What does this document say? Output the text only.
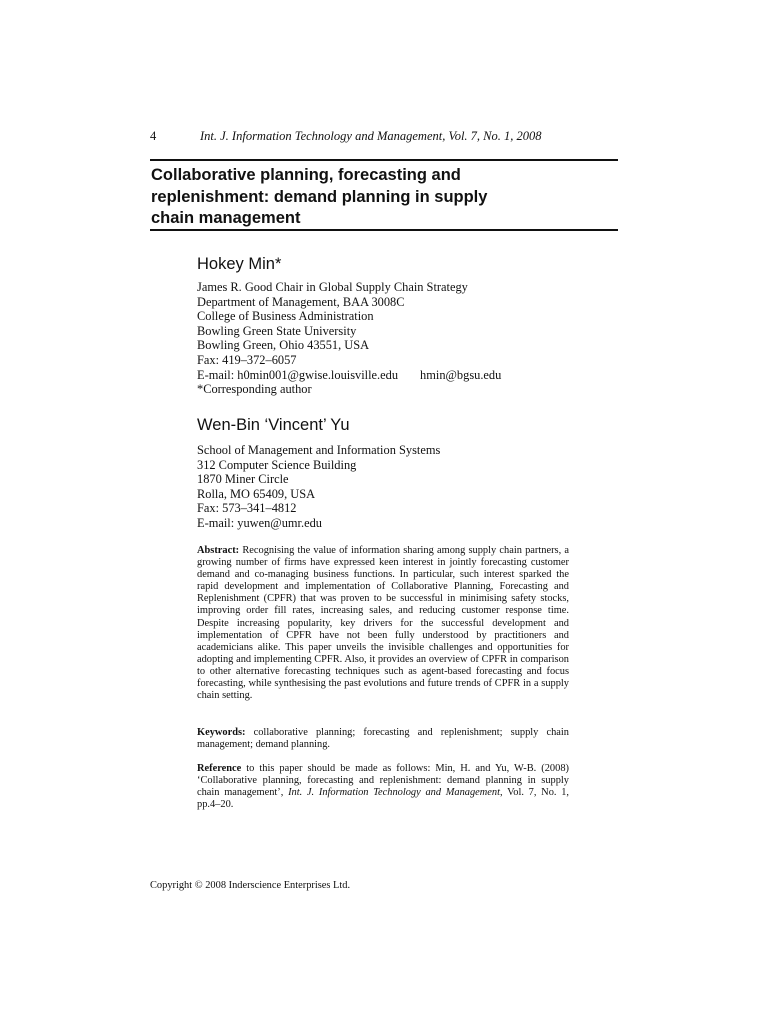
4	Int. J. Information Technology and Management, Vol. 7, No. 1, 2008
Collaborative planning, forecasting and
replenishment: demand planning in supply
chain management
Hokey Min*
James R. Good Chair in Global Supply Chain Strategy
Department of Management, BAA 3008C
College of Business Administration
Bowling Green State University
Bowling Green, Ohio 43551, USA
Fax: 419–372–6057
E-mail: h0min001@gwise.louisville.edu hmin@bgsu.edu
*Corresponding author
Wen-Bin ‘Vincent’ Yu
School of Management and Information Systems
312 Computer Science Building
1870 Miner Circle
Rolla, MO 65409, USA
Fax: 573–341–4812
E-mail: yuwen@umr.edu
Abstract: Recognising the value of information sharing among supply chain partners, a growing number of firms have expressed keen interest in jointly forecasting customer demand and co-managing business functions. In particular, such interest sparked the rapid development and implementation of Collaborative Planning, Forecasting and Replenishment (CPFR) that was proven to be successful in minimising safety stocks, improving order fill rates, increasing sales, and reducing customer response time. Despite increasing popularity, key drivers for the successful development and implementation of CPFR have not been fully understood by practitioners and academicians alike. This paper unveils the invisible challenges and opportunities for adopting and implementing CPFR. Also, it provides an overview of CPFR in comparison to other alternative forecasting techniques such as agent-based forecasting and focus forecasting, while synthesising the past evolutions and future trends of CPFR in a supply chain setting.
Keywords: collaborative planning; forecasting and replenishment; supply chain management; demand planning.
Reference to this paper should be made as follows: Min, H. and Yu, W-B. (2008) ‘Collaborative planning, forecasting and replenishment: demand planning in supply chain management’, Int. J. Information Technology and Management, Vol. 7, No. 1, pp.4–20.
Copyright © 2008 Inderscience Enterprises Ltd.
